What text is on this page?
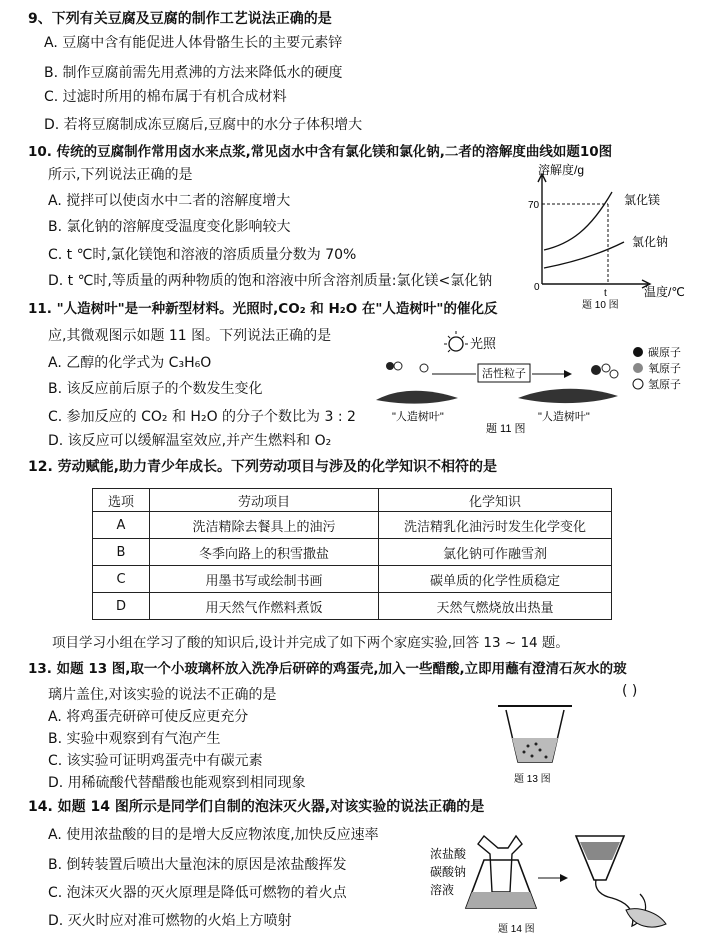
9、下列有关豆腐及豆腐的制作工艺说法正确的是
A. 豆腐中含有能促进人体骨骼生长的主要元素锌
B. 制作豆腐前需先用煮沸的方法来降低水的硬度
C. 过滤时所用的棉布属于有机合成材料
D. 若将豆腐制成冻豆腐后,豆腐中的水分子体积增大
10. 传统的豆腐制作常用卤水来点浆,常见卤水中含有氯化镁和氯化钠,二者的溶解度曲线如题10图
所示,下列说法正确的是
A. 搅拌可以使卤水中二者的溶解度增大
B. 氯化钠的溶解度受温度变化影响较大
C. t ℃时,氯化镁饱和溶液的溶质质量分数为 70%
D. t ℃时,等质量的两种物质的饱和溶液中所含溶剂质量:氯化镁<氯化钠
溶解度/g
温度/℃
70
t
0
氯化镁
氯化钠
题 10 图
11. "人造树叶"是一种新型材料。光照时,CO₂ 和 H₂O 在"人造树叶"的催化反
应,其微观图示如题 11 图。下列说法正确的是
A. 乙醇的化学式为 C₃H₆O
B. 该反应前后原子的个数发生变化
C. 参加反应的 CO₂ 和 H₂O 的分子个数比为 3 : 2
D. 该反应可以缓解温室效应,并产生燃料和 O₂
光照
活性粒子
"人造树叶"	"人造树叶"
碳原子
氧原子
氢原子
题 11 图
12. 劳动赋能,助力青少年成长。下列劳动项目与涉及的化学知识不相符的是
选项	劳动项目	化学知识
A	洗洁精除去餐具上的油污	洗洁精乳化油污时发生化学变化
B	冬季向路上的积雪撒盐	氯化钠可作融雪剂
C	用墨书写或绘制书画	碳单质的化学性质稳定
D	用天然气作燃料煮饭	天然气燃烧放出热量
项目学习小组在学习了酸的知识后,设计并完成了如下两个家庭实验,回答 13 ~ 14 题。
13. 如题 13 图,取一个小玻璃杯放入洗净后研碎的鸡蛋壳,加入一些醋酸,立即用蘸有澄清石灰水的玻
璃片盖住,对该实验的说法不正确的是	( )
A. 将鸡蛋壳研碎可使反应更充分
B. 实验中观察到有气泡产生
C. 该实验可证明鸡蛋壳中有碳元素
D. 用稀硫酸代替醋酸也能观察到相同现象	题 13 图
14. 如题 14 图所示是同学们自制的泡沫灭火器,对该实验的说法正确的是
A. 使用浓盐酸的目的是增大反应物浓度,加快反应速率
B. 倒转装置后喷出大量泡沫的原因是浓盐酸挥发
C. 泡沫灭火器的灭火原理是降低可燃物的着火点
D. 灭火时应对准可燃物的火焰上方喷射
浓盐酸
碳酸钠
溶液
题 14 图
